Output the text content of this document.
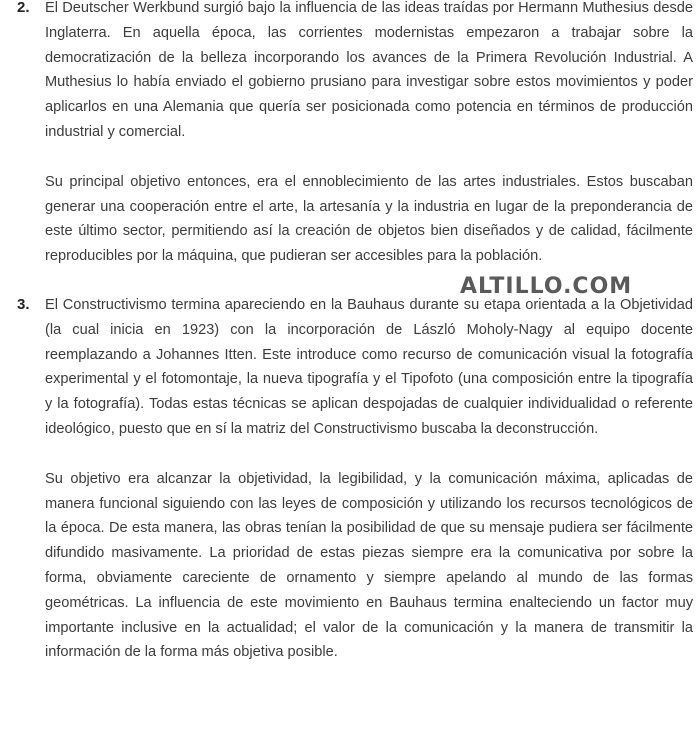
2. El Deutscher Werkbund surgió bajo la influencia de las ideas traídas por Hermann Muthesius desde Inglaterra. En aquella época, las corrientes modernistas empezaron a trabajar sobre la democratización de la belleza incorporando los avances de la Primera Revolución Industrial. A Muthesius lo había enviado el gobierno prusiano para investigar sobre estos movimientos y poder aplicarlos en una Alemania que quería ser posicionada como potencia en términos de producción industrial y comercial.

Su principal objetivo entonces, era el ennoblecimiento de las artes industriales. Estos buscaban generar una cooperación entre el arte, la artesanía y la industria en lugar de la preponderancia de este último sector, permitiendo así la creación de objetos bien diseñados y de calidad, fácilmente reproducibles por la máquina, que pudieran ser accesibles para la población.

3. El Constructivismo termina apareciendo en la Bauhaus durante su etapa orientada a la Objetividad (la cual inicia en 1923) con la incorporación de László Moholy-Nagy al equipo docente reemplazando a Johannes Itten. Este introduce como recurso de comunicación visual la fotografía experimental y el fotomontaje, la nueva tipografía y el Tipofoto (una composición entre la tipografía y la fotografía). Todas estas técnicas se aplican despojadas de cualquier individualidad o referente ideológico, puesto que en sí la matriz del Constructivismo buscaba la deconstrucción.

Su objetivo era alcanzar la objetividad, la legibilidad, y la comunicación máxima, aplicadas de manera funcional siguiendo con las leyes de composición y utilizando los recursos tecnológicos de la época. De esta manera, las obras tenían la posibilidad de que su mensaje pudiera ser fácilmente difundido masivamente. La prioridad de estas piezas siempre era la comunicativa por sobre la forma, obviamente careciente de ornamento y siempre apelando al mundo de las formas geométricas. La influencia de este movimiento en Bauhaus termina enalteciendo un factor muy importante inclusive en la actualidad; el valor de la comunicación y la manera de transmitir la información de la forma más objetiva posible.

ALTILLO.COM
